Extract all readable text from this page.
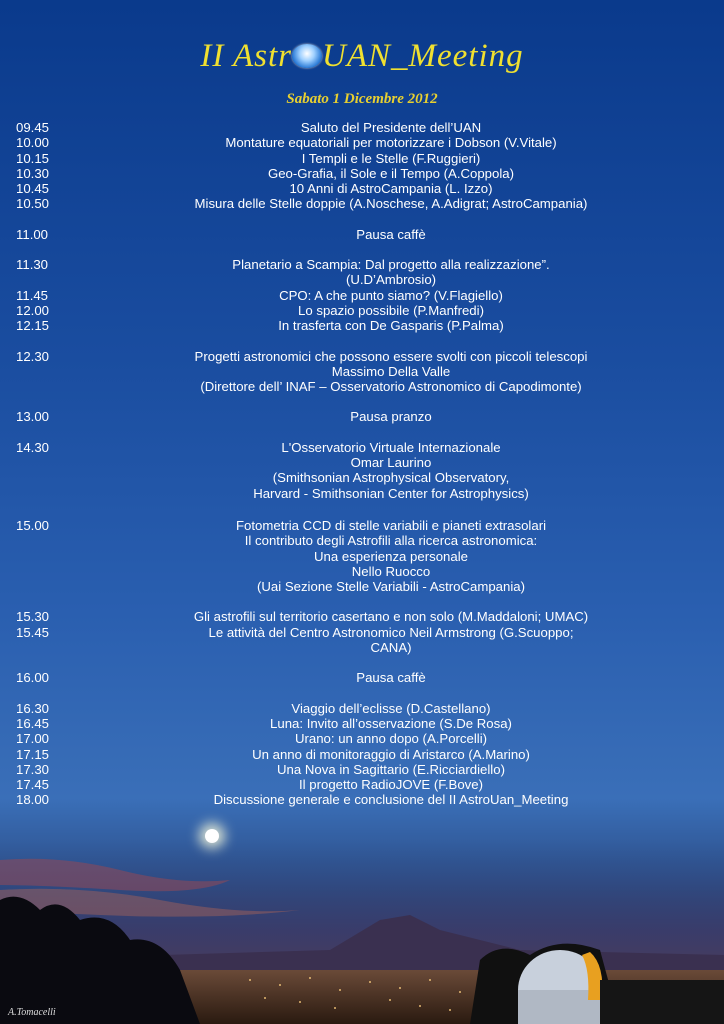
II Astr UAN_Meeting
Sabato 1 Dicembre 2012
09.45	Saluto del Presidente dell’UAN
10.00	Montature equatoriali per motorizzare i Dobson (V.Vitale)
10.15	I Templi e le Stelle (F.Ruggieri)
10.30	Geo-Grafia, il Sole e il Tempo (A.Coppola)
10.45	10 Anni di AstroCampania (L. Izzo)
10.50	Misura delle Stelle doppie (A.Noschese, A.Adigrat; AstroCampania)
11.00	Pausa caffè
11.30	Planetario a Scampia: Dal progetto alla realizzazione”.
(U.D’Ambrosio)
11.45	CPO: A che punto siamo? (V.Flagiello)
12.00	Lo spazio possibile (P.Manfredi)
12.15	In trasferta con De Gasparis (P.Palma)
12.30	Progetti astronomici che possono essere svolti con piccoli telescopi
Massimo Della Valle
(Direttore dell’ INAF – Osservatorio Astronomico di Capodimonte)
13.00	Pausa pranzo
14.30	L'Osservatorio Virtuale Internazionale
Omar Laurino
(Smithsonian Astrophysical Observatory,
Harvard - Smithsonian Center for Astrophysics)
15.00	Fotometria CCD di stelle variabili e pianeti extrasolari
Il contributo degli Astrofili alla ricerca astronomica:
Una esperienza personale
Nello Ruocco
(Uai Sezione Stelle Variabili - AstroCampania)
15.30	Gli astrofili sul territorio casertano e non solo (M.Maddaloni; UMAC)
15.45	Le attività del Centro Astronomico Neil Armstrong (G.Scuoppo;
CANA)
16.00	Pausa caffè
16.30	Viaggio dell’eclisse (D.Castellano)
16.45	Luna: Invito all’osservazione (S.De Rosa)
17.00	Urano: un anno dopo (A.Porcelli)
17.15	Un anno di monitoraggio di Aristarco (A.Marino)
17.30	Una Nova in Sagittario (E.Ricciardiello)
17.45	Il progetto RadioJOVE (F.Bove)
18.00	Discussione generale e conclusione del II AstroUan_Meeting
A.Tomacelli
